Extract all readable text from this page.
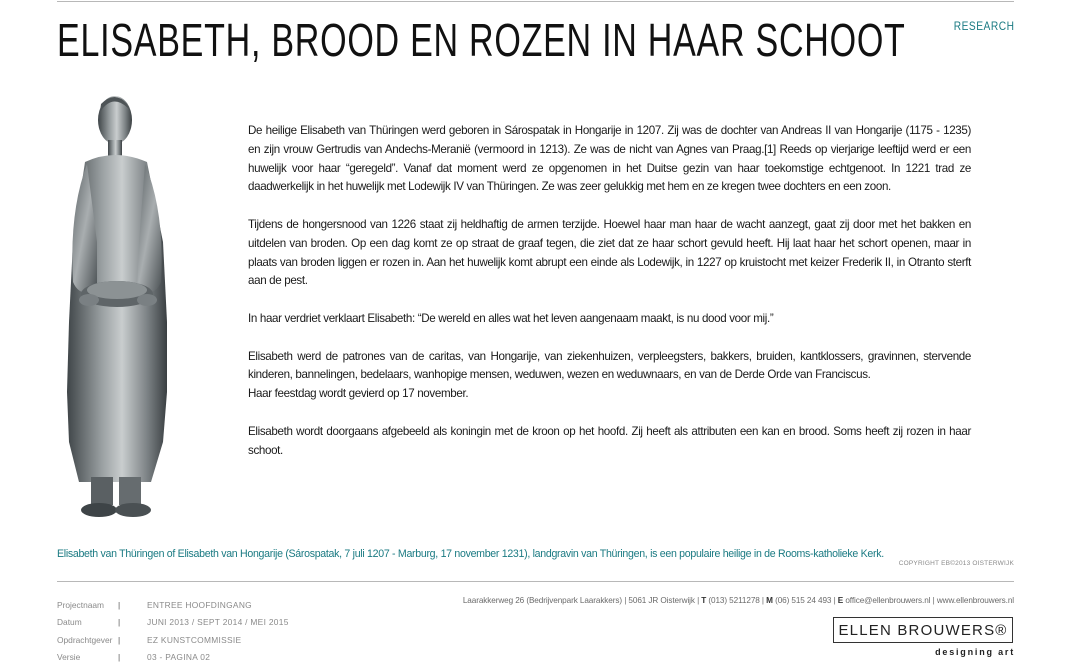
ELISABETH, BROOD EN ROZEN IN HAAR SCHOOT	RESEARCH

De heilige Elisabeth van Thüringen werd geboren in Sárospatak in Hongarije in 1207. Zij was de dochter van Andreas II van Hongarije (1175 - 1235) en zijn vrouw Gertrudis van Andechs-Meranië (vermoord in 1213). Ze was de nicht van Agnes van Praag.[1] Reeds op vierjarige leeftijd werd er een huwelijk voor haar “geregeld”. Vanaf dat moment werd ze opgenomen in het Duitse gezin van haar toekomstige echtgenoot. In 1221 trad ze daadwerkelijk in het huwelijk met Lodewijk IV van Thüringen. Ze was zeer gelukkig met hem en ze kregen twee dochters en een zoon.

Tijdens de hongersnood van 1226 staat zij heldhaftig de armen terzijde. Hoewel haar man haar de wacht aanzegt, gaat zij door met het bakken en uitdelen van broden. Op een dag komt ze op straat de graaf tegen, die ziet dat ze haar schort gevuld heeft. Hij laat haar het schort openen, maar in plaats van broden liggen er rozen in. Aan het huwelijk komt abrupt een einde als Lodewijk, in 1227 op kruistocht met keizer Frederik II, in Otranto sterft aan de pest.

In haar verdriet verklaart Elisabeth: “De wereld en alles wat het leven aangenaam maakt, is nu dood voor mij.”

Elisabeth werd de patrones van de caritas, van Hongarije, van ziekenhuizen, verpleegsters, bakkers, bruiden, kantklossers, gravinnen, stervende kinderen, bannelingen, bedelaars, wanhopige mensen, weduwen, wezen en weduwnaars, en van de Derde Orde van Franciscus.

Haar feestdag wordt gevierd op 17 november.

Elisabeth wordt doorgaans afgebeeld als koningin met de kroon op het hoofd. Zij heeft als attributen een kan en brood. Soms heeft zij rozen in haar schoot.

Elisabeth van Thüringen of Elisabeth van Hongarije (Sárospatak, 7 juli 1207 - Marburg, 17 november 1231), landgravin van Thüringen, is een populaire heilige in de Rooms-katholieke Kerk.
COPYRIGHT EB©2013 OISTERWIJK
Projectnaam	|	ENTREE HOOFDINGANG
Datum	|	JUNI 2013 / SEPT 2014 / MEI 2015
Opdrachtgever |	EZ KUNSTCOMMISSIE
Versie	|	03 - PAGINA 02
Laarakkerweg 26 (Bedrijvenpark Laarakkers) | 5061 JR Oisterwijk | T (013) 5211278 | M (06) 515 24 493 | E office@ellenbrouwers.nl | www.ellenbrouwers.nl
ELLEN BROUWERS®
designing art
